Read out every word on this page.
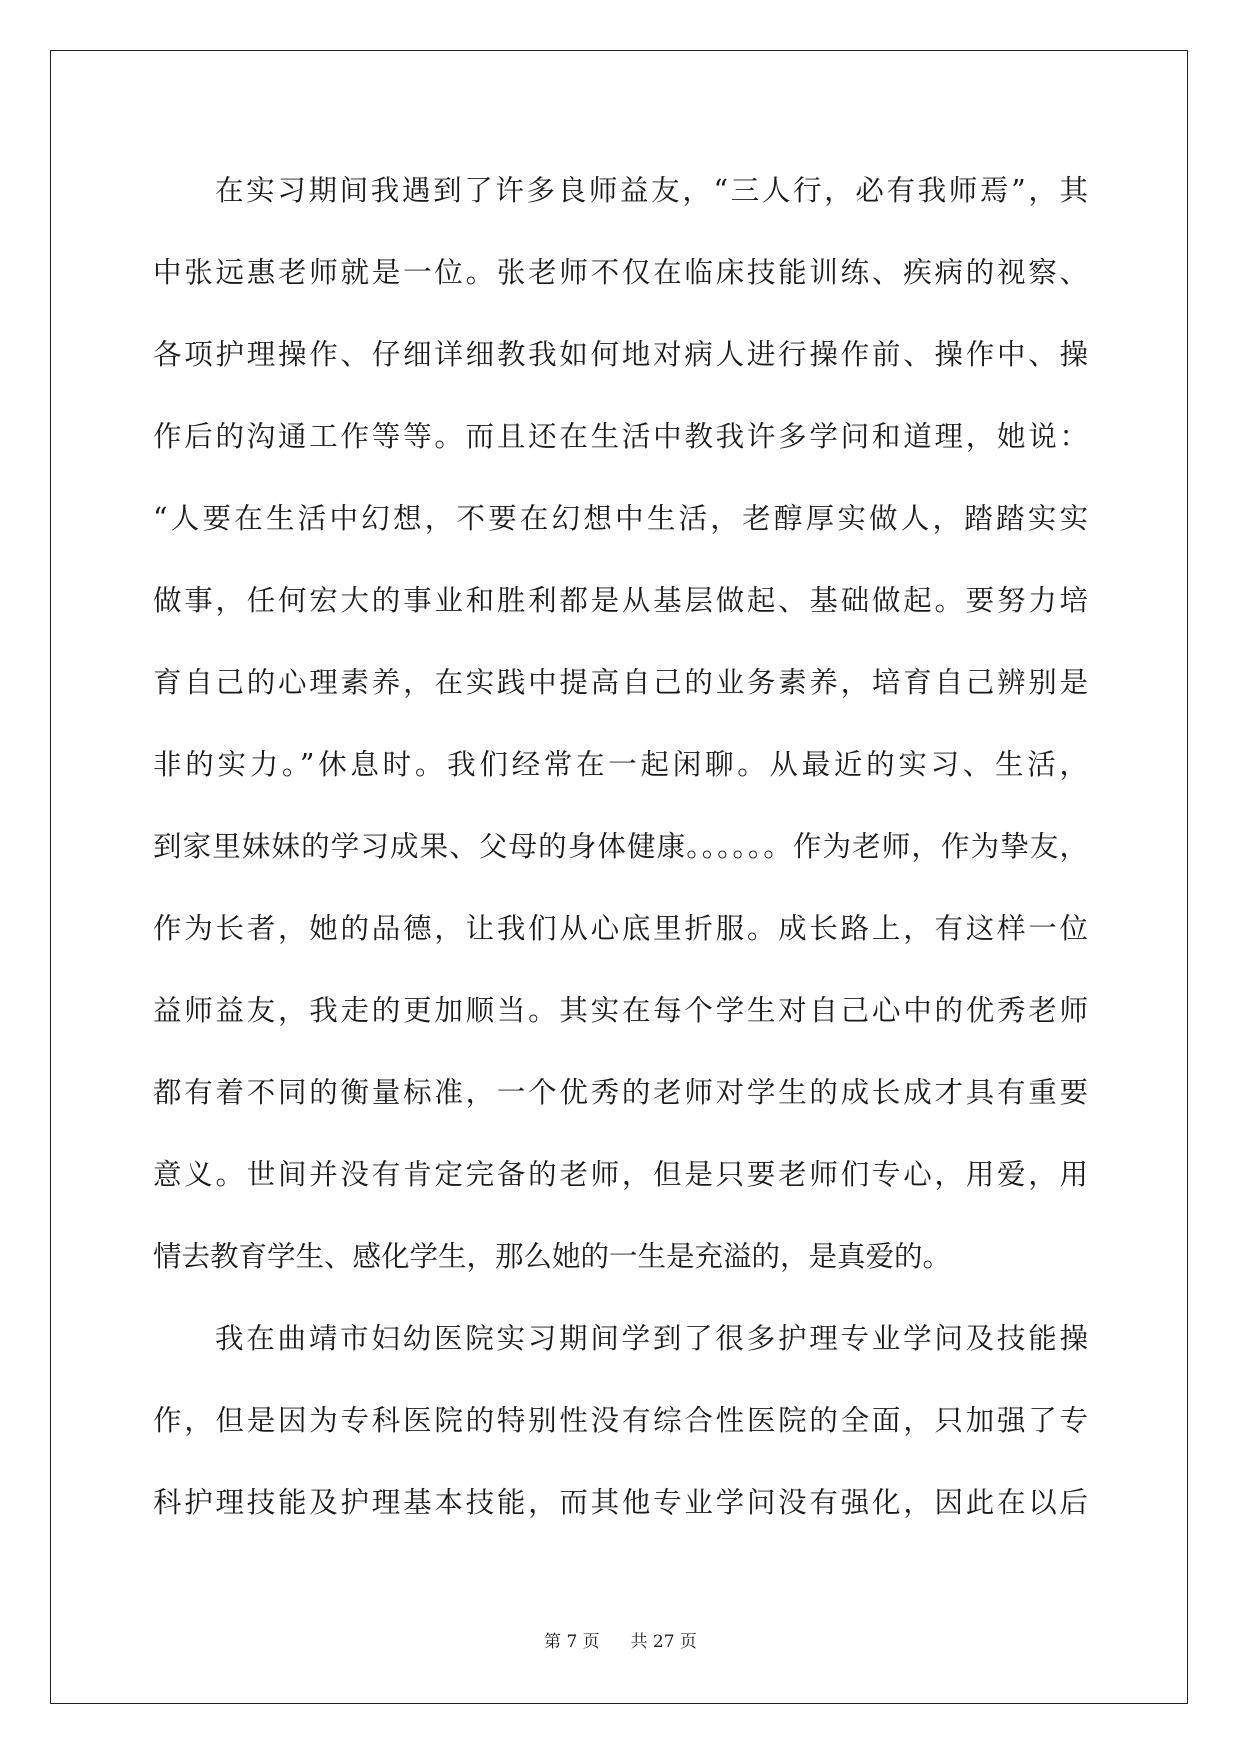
在实习期间我遇到了许多良师益友，“三人行，必有我师焉”，其
中张远惠老师就是一位。张老师不仅在临床技能训练、疾病的视察、
各项护理操作、仔细详细教我如何地对病人进行操作前、操作中、操
作后的沟通工作等等。而且还在生活中教我许多学问和道理，她说：
“人要在生活中幻想，不要在幻想中生活，老醇厚实做人，踏踏实实
做事，任何宏大的事业和胜利都是从基层做起、基础做起。要努力培
育自己的心理素养，在实践中提高自己的业务素养，培育自己辨别是
非的实力。”休息时。我们经常在一起闲聊。从最近的实习、生活，
到家里妹妹的学习成果、父母的身体健康。。。。。。作为老师，作为挚友，
作为长者，她的品德，让我们从心底里折服。成长路上，有这样一位
益师益友，我走的更加顺当。其实在每个学生对自己心中的优秀老师
都有着不同的衡量标准，一个优秀的老师对学生的成长成才具有重要
意义。世间并没有肯定完备的老师，但是只要老师们专心，用爱，用
情去教育学生、感化学生，那么她的一生是充溢的，是真爱的。
我在曲靖市妇幼医院实习期间学到了很多护理专业学问及技能操
作，但是因为专科医院的特别性没有综合性医院的全面，只加强了专
科护理技能及护理基本技能，而其他专业学问没有强化，因此在以后
第 7 页 共 27 页
